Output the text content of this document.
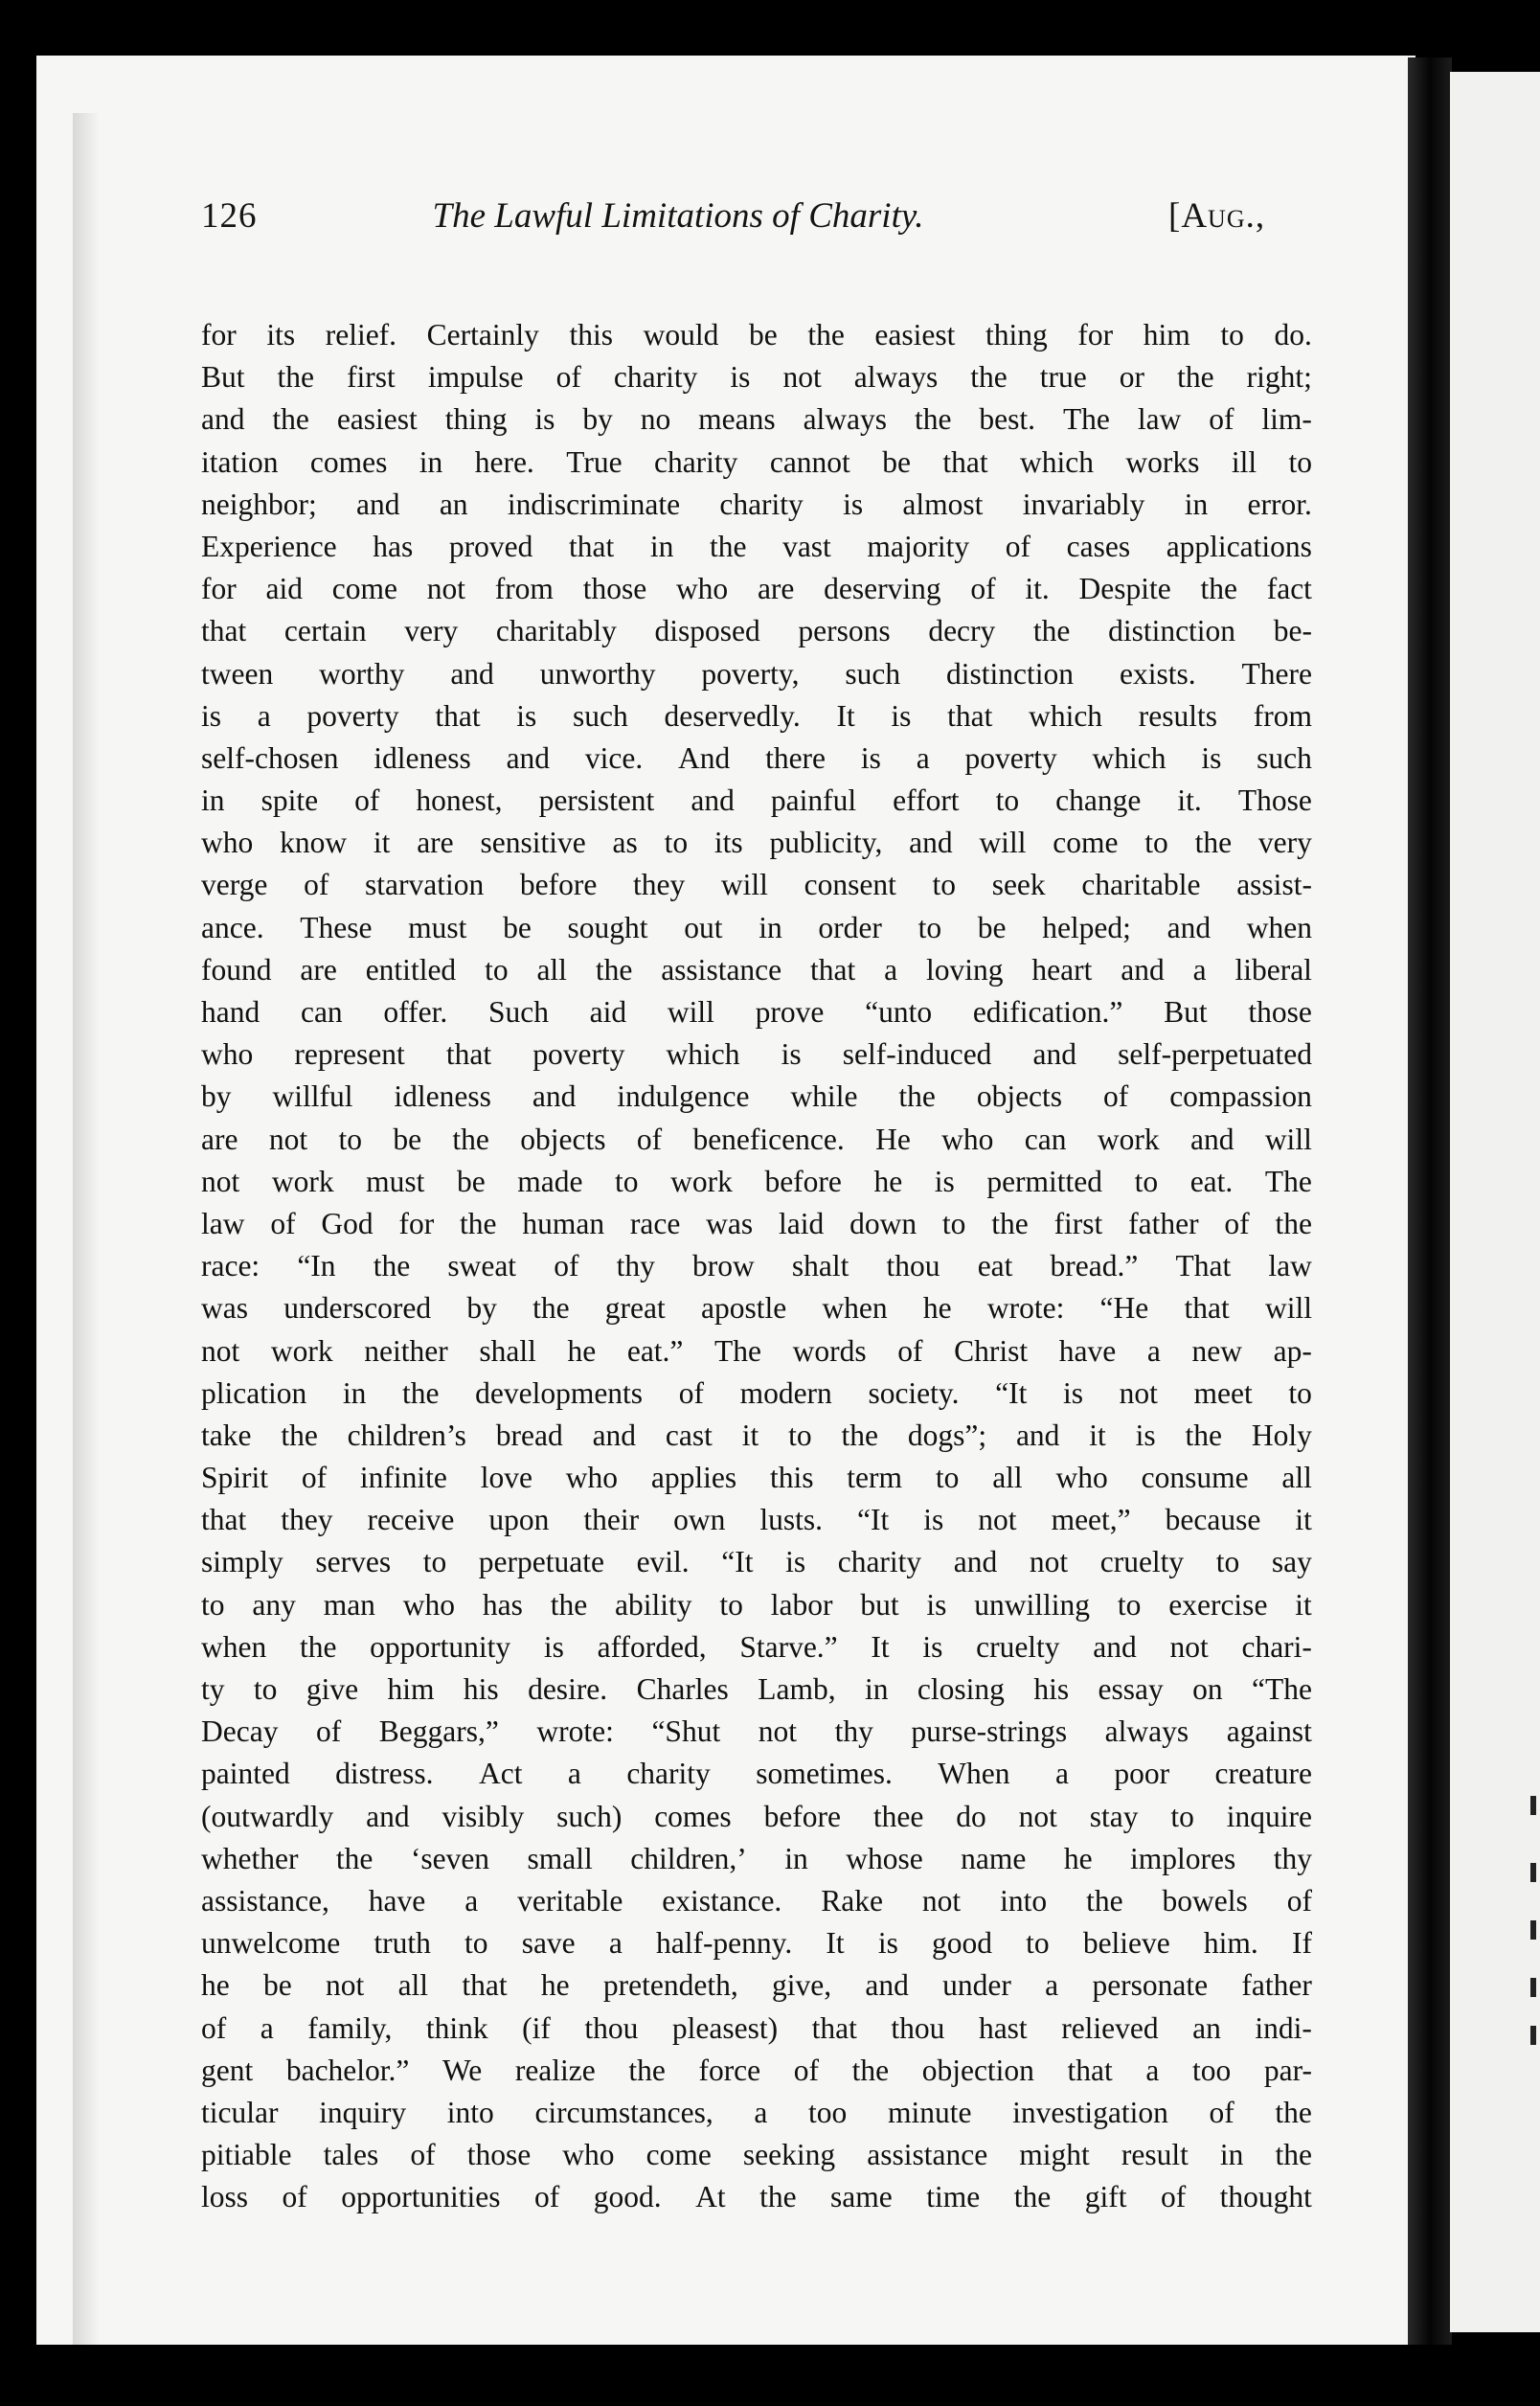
126	The Lawful Limitations of Charity.	[Aug.,
for its relief. Certainly this would be the easiest thing for him to do.
But the first impulse of charity is not always the true or the right;
and the easiest thing is by no means always the best. The law of lim-
itation comes in here. True charity cannot be that which works ill to
neighbor; and an indiscriminate charity is almost invariably in error.
Experience has proved that in the vast majority of cases applications
for aid come not from those who are deserving of it. Despite the fact
that certain very charitably disposed persons decry the distinction be-
tween worthy and unworthy poverty, such distinction exists. There
is a poverty that is such deservedly. It is that which results from
self-chosen idleness and vice. And there is a poverty which is such
in spite of honest, persistent and painful effort to change it. Those
who know it are sensitive as to its publicity, and will come to the very
verge of starvation before they will consent to seek charitable assist-
ance. These must be sought out in order to be helped; and when
found are entitled to all the assistance that a loving heart and a liberal
hand can offer. Such aid will prove “unto edification.” But those
who represent that poverty which is self-induced and self-perpetuated
by willful idleness and indulgence while the objects of compassion
are not to be the objects of beneficence. He who can work and will
not work must be made to work before he is permitted to eat. The
law of God for the human race was laid down to the first father of the
race: “In the sweat of thy brow shalt thou eat bread.” That law
was underscored by the great apostle when he wrote: “He that will
not work neither shall he eat.” The words of Christ have a new ap-
plication in the developments of modern society. “It is not meet to
take the children’s bread and cast it to the dogs”; and it is the Holy
Spirit of infinite love who applies this term to all who consume all
that they receive upon their own lusts. “It is not meet,” because it
simply serves to perpetuate evil. “It is charity and not cruelty to say
to any man who has the ability to labor but is unwilling to exercise it
when the opportunity is afforded, Starve.” It is cruelty and not chari-
ty to give him his desire. Charles Lamb, in closing his essay on “The
Decay of Beggars,” wrote: “Shut not thy purse-strings always against
painted distress. Act a charity sometimes. When a poor creature
(outwardly and visibly such) comes before thee do not stay to inquire
whether the ‘seven small children,’ in whose name he implores thy
assistance, have a veritable existance. Rake not into the bowels of
unwelcome truth to save a half-penny. It is good to believe him. If
he be not all that he pretendeth, give, and under a personate father
of a family, think (if thou pleasest) that thou hast relieved an indi-
gent bachelor.” We realize the force of the objection that a too par-
ticular inquiry into circumstances, a too minute investigation of the
pitiable tales of those who come seeking assistance might result in the
loss of opportunities of good. At the same time the gift of thought
